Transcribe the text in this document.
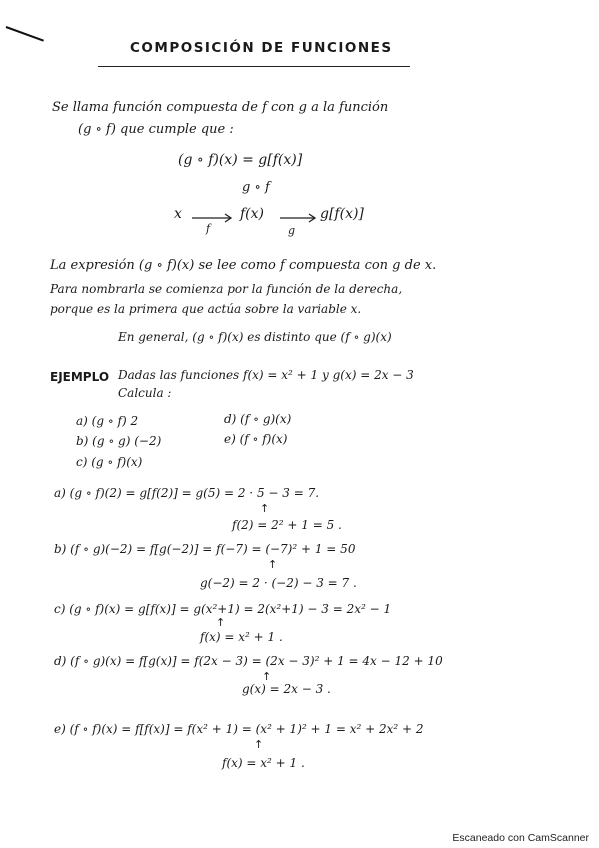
COMPOSICIÓN DE FUNCIONES
Se llama función compuesta de f con g a la función
(g ∘ f) que cumple que :
(g ∘ f)(x) = g[f(x)]
g ∘ f
x
f
f(x)
g
g[f(x)]
La expresión (g ∘ f)(x) se lee como f compuesta con g de x.
Para nombrarla se comienza por la función de la derecha,
porque es la primera que actúa sobre la variable x.
En general, (g ∘ f)(x) es distinto que (f ∘ g)(x)
EJEMPLO Dadas las funciones f(x) = x² + 1 y g(x) = 2x − 3
Calcula :
a) (g ∘ f) 2
b) (g ∘ g) (−2)
c) (g ∘ f)(x)
d) (f ∘ g)(x)
e) (f ∘ f)(x)
a) (g ∘ f)(2) = g[f(2)] = g(5) = 2 · 5 − 3 = 7.
↑
f(2) = 2² + 1 = 5 .
b) (f ∘ g)(−2) = f[g(−2)] = f(−7) = (−7)² + 1 = 50
↑
g(−2) = 2 · (−2) − 3 = 7 .
c) (g ∘ f)(x) = g[f(x)] = g(x²+1) = 2(x²+1) − 3 = 2x² − 1
↑
f(x) = x² + 1 .
d) (f ∘ g)(x) = f[g(x)] = f(2x − 3) = (2x − 3)² + 1 = 4x − 12 + 10
↑
g(x) = 2x − 3 .
e) (f ∘ f)(x) = f[f(x)] = f(x² + 1) = (x² + 1)² + 1 = x² + 2x² + 2
↑
f(x) = x² + 1 .
Escaneado con CamScanner
